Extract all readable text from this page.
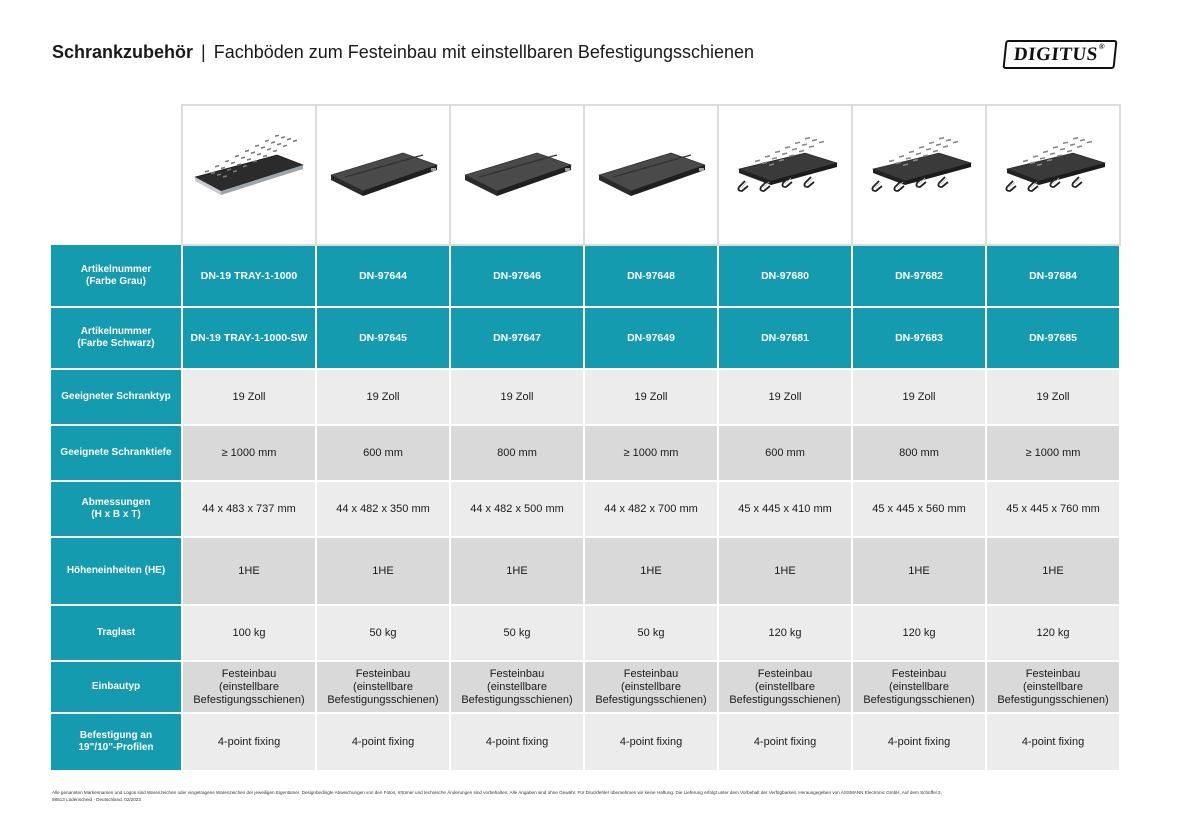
Schrankzubehör | Fachböden zum Festeinbau mit einstellbaren Befestigungsschienen	DIGITUS®

Artikelnummer
(Farbe Grau)	DN-19 TRAY-1-1000	DN-97644	DN-97646	DN-97648	DN-97680	DN-97682	DN-97684

Artikelnummer
(Farbe Schwarz)	DN-19 TRAY-1-1000-SW	DN-97645	DN-97647	DN-97649	DN-97681	DN-97683	DN-97685

Geeigneter Schranktyp	19 Zoll	19 Zoll	19 Zoll	19 Zoll	19 Zoll	19 Zoll	19 Zoll

Geeignete Schranktiefe	≥ 1000 mm	600 mm	800 mm	≥ 1000 mm	600 mm	800 mm	≥ 1000 mm

Abmessungen
(H x B x T)	44 x 483 x 737 mm	44 x 482 x 350 mm	44 x 482 x 500 mm	44 x 482 x 700 mm	45 x 445 x 410 mm	45 x 445 x 560 mm	45 x 445 x 760 mm

Höheneinheiten (HE)	1HE	1HE	1HE	1HE	1HE	1HE	1HE

Traglast	100 kg	50 kg	50 kg	50 kg	120 kg	120 kg	120 kg

Einbautyp	Festeinbau
(einstellbare
Befestigungsschienen)	Festeinbau
(einstellbare
Befestigungsschienen)	Festeinbau
(einstellbare
Befestigungsschienen)	Festeinbau
(einstellbare
Befestigungsschienen)	Festeinbau
(einstellbare
Befestigungsschienen)	Festeinbau
(einstellbare
Befestigungsschienen)	Festeinbau
(einstellbare
Befestigungsschienen)

Befestigung an
19"/10"-Profilen	4-point fixing	4-point fixing	4-point fixing	4-point fixing	4-point fixing	4-point fixing	4-point fixing
Alle genannten Markennamen und Logos sind Warenzeichen oder eingetragene Warenzeichen der jeweiligen Eigentümer. Designbedingte Abweichungen von den Fotos, Irrtümer und technische Änderungen sind vorbehalten. Alle Angaben sind ohne Gewähr. Für Druckfehler übernehmen wir keine Haftung. Die Lieferung erfolgt unter dem Vorbehalt der Verfügbarkeit. Herausgegeben von ASSMANN Electronic GmbH, Auf dem Schüffel 3,
58513 Lüdenscheid · Deutschland. 02/2023
